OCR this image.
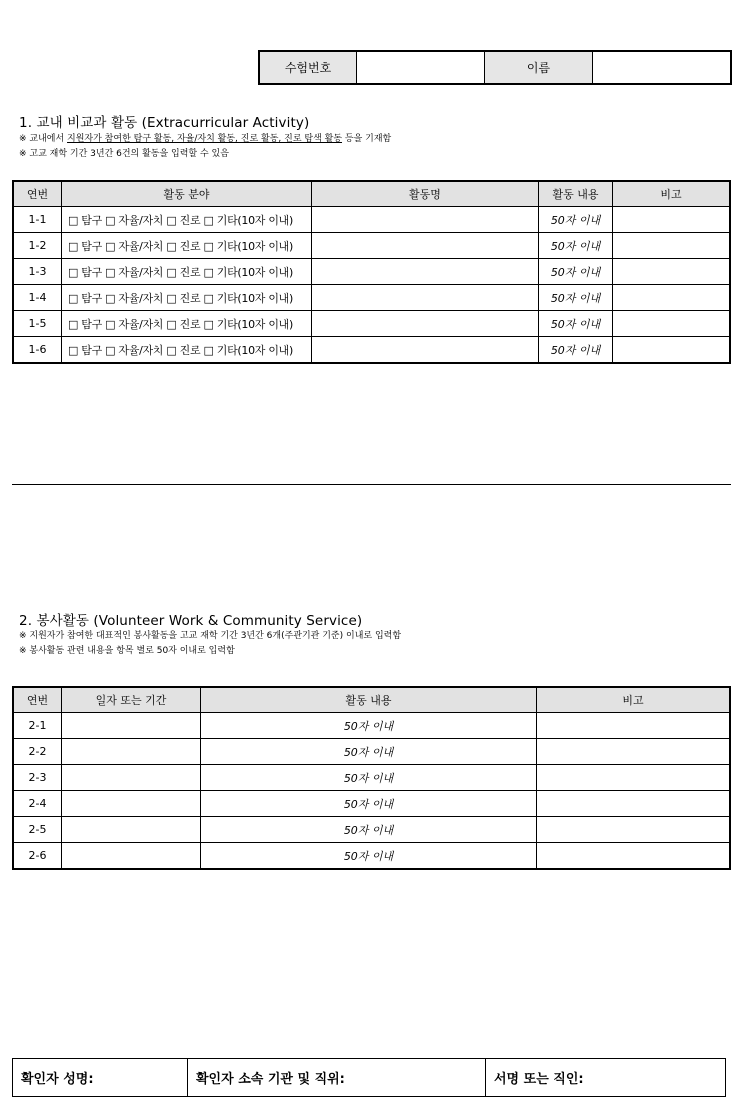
수험번호		이름	
1. 교내 비교과 활동 (Extracurricular Activity)
※ 교내에서 지원자가 참여한 탐구 활동, 자율/자치 활동, 진로 활동, 진로 탐색 활동 등을 기재함
※ 고교 재학 기간 3년간 6건의 활동을 입력할 수 있음
연번	활동 분야	활동명	활동 내용	비고
1-1	□ 탐구 □ 자율/자치 □ 진로 □ 기타(10자 이내)		50자 이내	
1-2	□ 탐구 □ 자율/자치 □ 진로 □ 기타(10자 이내)		50자 이내	
1-3	□ 탐구 □ 자율/자치 □ 진로 □ 기타(10자 이내)		50자 이내	
1-4	□ 탐구 □ 자율/자치 □ 진로 □ 기타(10자 이내)		50자 이내	
1-5	□ 탐구 □ 자율/자치 □ 진로 □ 기타(10자 이내)		50자 이내	
1-6	□ 탐구 □ 자율/자치 □ 진로 □ 기타(10자 이내)		50자 이내	
2. 봉사활동 (Volunteer Work & Community Service)
※ 지원자가 참여한 대표적인 봉사활동을 고교 재학 기간 3년간 6개(주관기관 기준) 이내로 입력함
※ 봉사활동 관련 내용을 항목 별로 50자 이내로 입력함
연번	일자 또는 기간	활동 내용	비고
2-1		50자 이내	
2-2		50자 이내	
2-3		50자 이내	
2-4		50자 이내	
2-5		50자 이내	
2-6		50자 이내	
확인자 성명:	확인자 소속 기관 및 직위:	서명 또는 직인:
